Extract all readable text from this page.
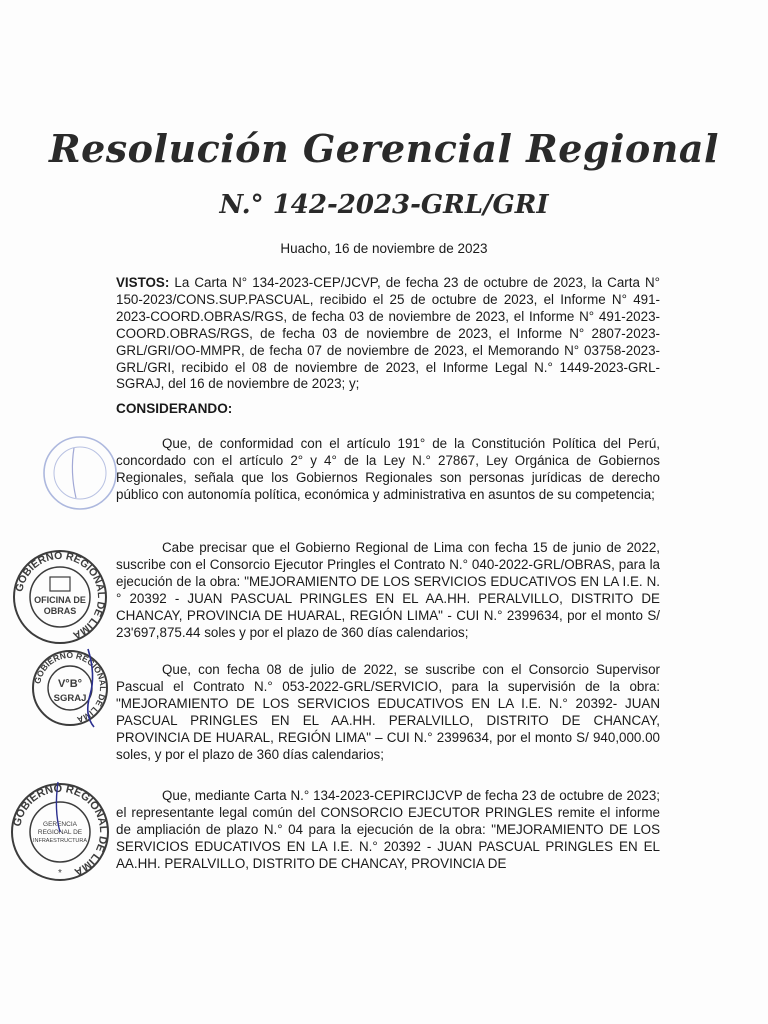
Resolución Gerencial Regional
N.° 142-2023-GRL/GRI
Huacho, 16 de noviembre de 2023

VISTOS: La Carta N° 134-2023-CEP/JCVP, de fecha 23 de octubre de 2023, la Carta N° 150-2023/CONS.SUP.PASCUAL, recibido el 25 de octubre de 2023, el Informe N° 491-2023-COORD.OBRAS/RGS, de fecha 03 de noviembre de 2023, el Informe N° 491-2023-COORD.OBRAS/RGS, de fecha 03 de noviembre de 2023, el Informe N° 2807-2023-GRL/GRI/OO-MMPR, de fecha 07 de noviembre de 2023, el Memorando N° 03758-2023-GRL/GRI, recibido el 08 de noviembre de 2023, el Informe Legal N.° 1449-2023-GRL-SGRAJ, del 16 de noviembre de 2023; y;

CONSIDERANDO:

Que, de conformidad con el artículo 191° de la Constitución Política del Perú, concordado con el artículo 2° y 4° de la Ley N.° 27867, Ley Orgánica de Gobiernos Regionales, señala que los Gobiernos Regionales son personas jurídicas de derecho público con autonomía política, económica y administrativa en asuntos de su competencia;

Cabe precisar que el Gobierno Regional de Lima con fecha 15 de junio de 2022, suscribe con el Consorcio Ejecutor Pringles el Contrato N.° 040-2022-GRL/OBRAS, para la ejecución de la obra: "MEJORAMIENTO DE LOS SERVICIOS EDUCATIVOS EN LA I.E. N.° 20392 - JUAN PASCUAL PRINGLES EN EL AA.HH. PERALVILLO, DISTRITO DE CHANCAY, PROVINCIA DE HUARAL, REGIÓN LIMA" - CUI N.° 2399634, por el monto S/ 23'697,875.44 soles y por el plazo de 360 días calendarios;

Que, con fecha 08 de julio de 2022, se suscribe con el Consorcio Supervisor Pascual el Contrato N.° 053-2022-GRL/SERVICIO, para la supervisión de la obra: "MEJORAMIENTO DE LOS SERVICIOS EDUCATIVOS EN LA I.E. N.° 20392- JUAN PASCUAL PRINGLES EN EL AA.HH. PERALVILLO, DISTRITO DE CHANCAY, PROVINCIA DE HUARAL, REGIÓN LIMA" – CUI N.° 2399634, por el monto S/ 940,000.00 soles, y por el plazo de 360 días calendarios;

Que, mediante Carta N.° 134-2023-CEPIRCIJCVP de fecha 23 de octubre de 2023; el representante legal común del CONSORCIO EJECUTOR PRINGLES remite el informe de ampliación de plazo N.° 04 para la ejecución de la obra: "MEJORAMIENTO DE LOS SERVICIOS EDUCATIVOS EN LA I.E. N.° 20392 - JUAN PASCUAL PRINGLES EN EL AA.HH. PERALVILLO, DISTRITO DE CHANCAY, PROVINCIA DE

GOBIERNO REGIONAL DE LIMA
OFICINA DE
OBRAS
GOBIERNO REGIONAL DE LIMA
V°B°
SGRAJ
GOBIERNO REGIONAL DE LIMA
GERENCIA
REGIONAL DE
INFRAESTRUCTURA
*
